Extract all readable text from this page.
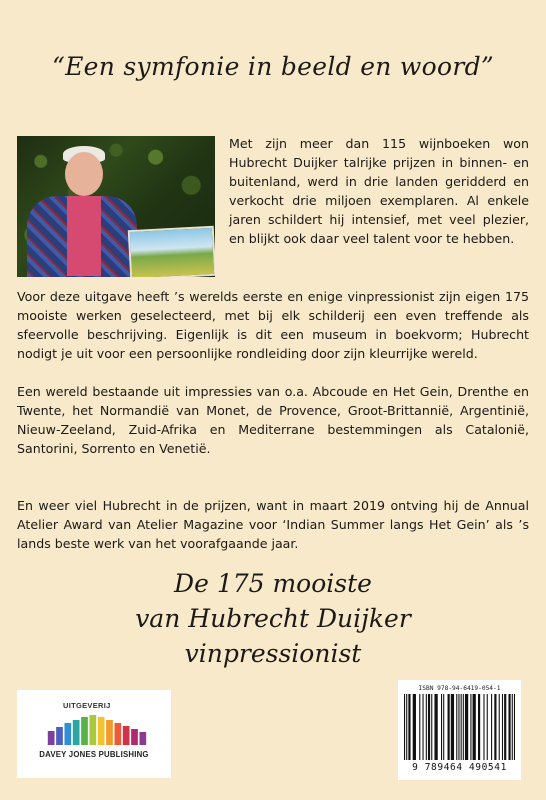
“Een symfonie in beeld en woord”

Met zijn meer dan 115 wijnboeken won Hubrecht Duijker talrijke prijzen in binnen- en buitenland, werd in drie landen geridderd en verkocht drie miljoen exemplaren. Al enkele jaren schildert hij intensief, met veel plezier, en blijkt ook daar veel talent voor te hebben.

Voor deze uitgave heeft ’s werelds eerste en enige vinpressionist zijn eigen 175 mooiste werken geselecteerd, met bij elk schilderij een even treffende als sfeervolle beschrijving. Eigenlijk is dit een museum in boekvorm; Hubrecht nodigt je uit voor een persoonlijke rondleiding door zijn kleurrijke wereld.

Een wereld bestaande uit impressies van o.a. Abcoude en Het Gein, Drenthe en Twente, het Normandië van Monet, de Provence, Groot-Brittannië, Argentinië, Nieuw-Zeeland, Zuid-Afrika en Mediterrane bestemmingen als Catalonië, Santorini, Sorrento en Venetië.

En weer viel Hubrecht in de prijzen, want in maart 2019 ontving hij de Annual Atelier Award van Atelier Magazine voor ‘Indian Summer langs Het Gein’ als ’s lands beste werk van het voorafgaande jaar.

De 175 mooiste
van Hubrecht Duijker
vinpressionist
UITGEVERIJ
DAVEY JONES PUBLISHING
ISBN 978-94-6419-054-1
9 789464 490541
